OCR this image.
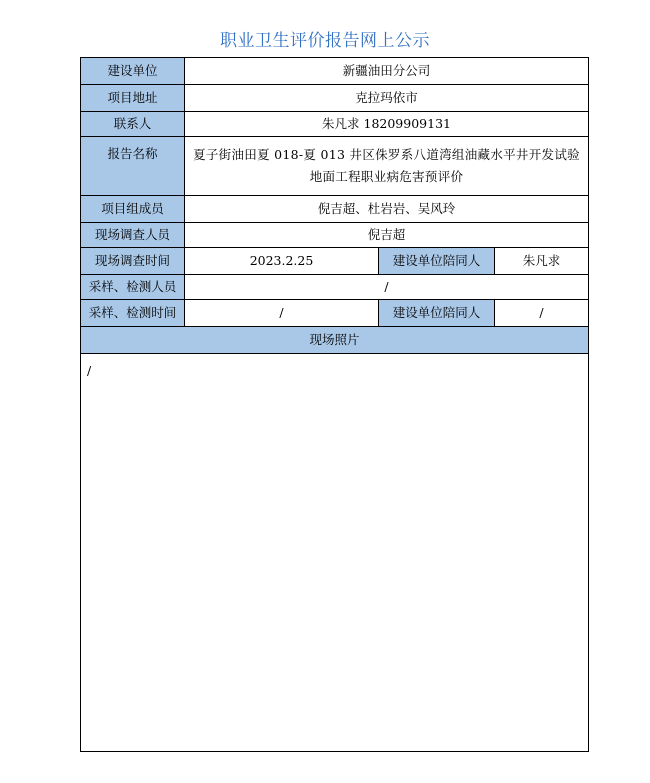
职业卫生评价报告网上公示
建设单位	新疆油田分公司		
项目地址	克拉玛依市		
联系人	朱凡求 18209909131		
报告名称	夏子街油田夏 018-夏 013 井区侏罗系八道湾组油藏水平井开发试验地面工程职业病危害预评价		
项目组成员	倪吉超、杜岩岩、吴风玲		
现场调查人员	倪吉超		
现场调查时间	2023.2.25	建设单位陪同人	朱凡求
采样、检测人员	/		
采样、检测时间	/	建设单位陪同人	/
现场照片			
/			
